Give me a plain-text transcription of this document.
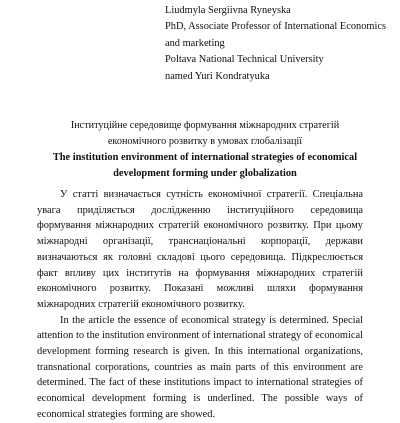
Liudmyla Sergiivna Ryneyska
PhD, Associate Professor of International Economics
and marketing
Poltava National Technical University
named Yuri Kondratyuka
Інституційне середовище формування міжнародних стратегій
економічного розвитку в умовах глобалізації
The institution environment of international strategies of economical
development forming under globalization

У статті визначається сутність економічної стратегії. Спеціальна увага приділяється дослідженню інституційного середовища формування міжнародних стратегій економічного розвитку. При цьому міжнародні організації, транснаціональні корпорації, держави визначаються як головні складові цього середовища. Підкреслюється факт впливу цих інститутів на формування міжнародних стратегій економічного розвитку. Показані можливі шляхи формування міжнародних стратегій економічного розвитку.

In the article the essence of economical strategy is determined. Special attention to the institution environment of international strategy of economical development forming research is given. In this international organizations, transnational corporations, countries as main parts of this environment are determined. The fact of these institutions impact to international strategies of economical development forming is underlined. The possible ways of economical strategies forming are showed.
